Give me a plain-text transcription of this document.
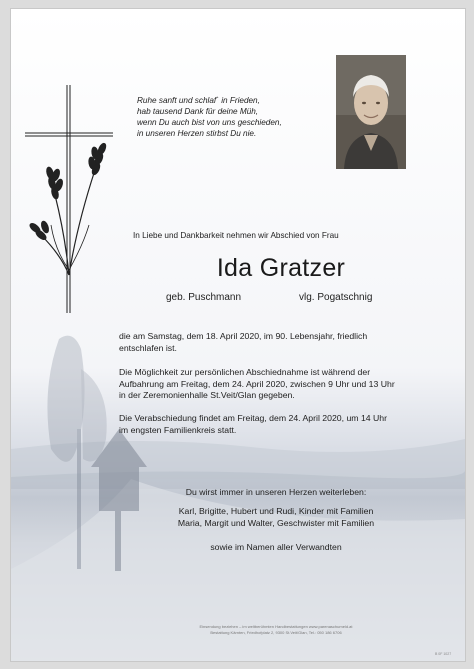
Ruhe sanft und schlaf` in Frieden,
hab tausend Dank für deine Müh,
wenn Du auch bist von uns geschieden,
in unseren Herzen stirbst Du nie.
In Liebe und Dankbarkeit nehmen wir Abschied von Frau
Ida Gratzer
geb. Puschmann	vlg. Pogatschnig
die am Samstag, dem 18. April 2020, im 90. Lebensjahr, friedlich
entschlafen ist.
Die Möglichkeit zur persönlichen Abschiednahme ist während der
Aufbahrung am Freitag, dem 24. April 2020, zwischen 9 Uhr und 13 Uhr
in der Zeremonienhalle St.Veit/Glan gegeben.
Die Verabschiedung findet am Freitag, dem 24. April 2020, um 14 Uhr
im engsten Familienkreis statt.
Du wirst immer in unseren Herzen weiterleben:
Karl, Brigitte, Hubert und Rudi, Kinder mit Familien
Maria, Margit und Walter, Geschwister mit Familien
sowie im Namen aller Verwandten
Einsendung beziehen – im weltberühmten Handbestattungen www.parenaschumeld.at
Bestattung Kärnten, Friedhofplatz 2, 9300 St.Veit/Glan, Tel.: 050 186 6706
B 0F 1027
